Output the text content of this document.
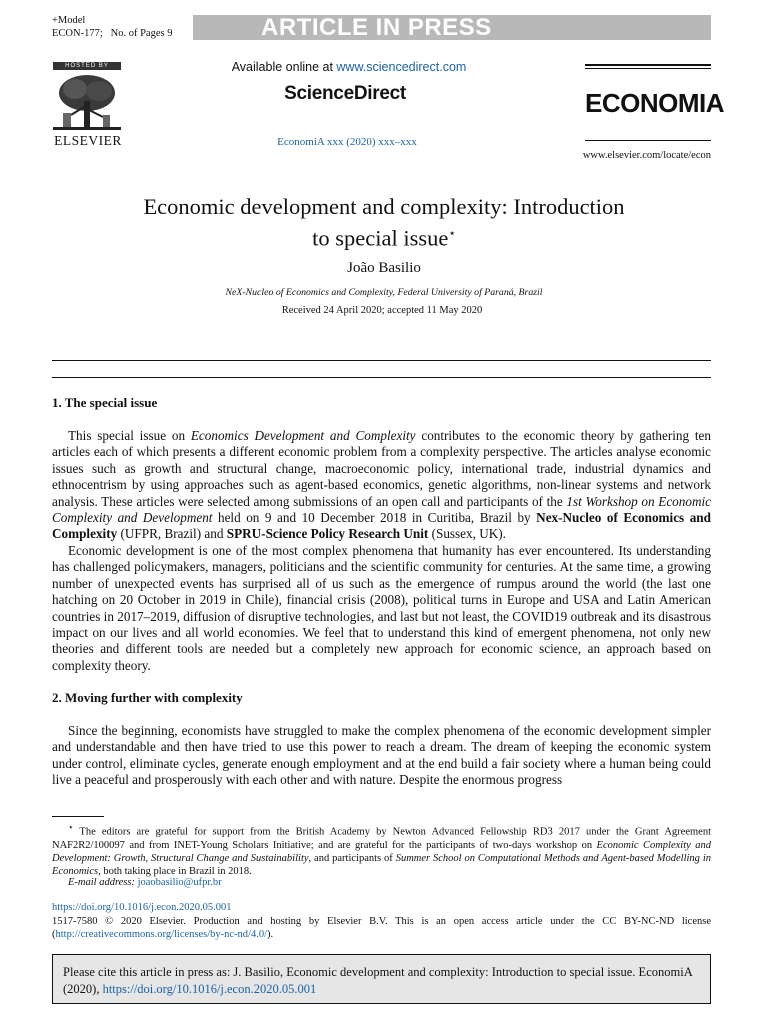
+Model
ECON-177; No. of Pages 9	ARTICLE IN PRESS
HOSTED BY
ELSEVIER
Available online at www.sciencedirect.com
ScienceDirect
EconomiA xxx (2020) xxx–xxx
ECONOMIA
www.elsevier.com/locate/econ
Economic development and complexity: Introduction
to special issue⋆
João Basilio
NeX-Nucleo of Economics and Complexity, Federal University of Paraná, Brazil
Received 24 April 2020; accepted 11 May 2020
1. The special issue

This special issue on Economics Development and Complexity contributes to the economic theory by gathering ten articles each of which presents a different economic problem from a complexity perspective. The articles analyse economic issues such as growth and structural change, macroeconomic policy, international trade, industrial dynamics and ethnocentrism by using approaches such as agent-based economics, genetic algorithms, non-linear systems and network analysis. These articles were selected among submissions of an open call and participants of the 1st Workshop on Economic Complexity and Development held on 9 and 10 December 2018 in Curitiba, Brazil by Nex-Nucleo of Economics and Complexity (UFPR, Brazil) and SPRU-Science Policy Research Unit (Sussex, UK).

Economic development is one of the most complex phenomena that humanity has ever encountered. Its understanding has challenged policymakers, managers, politicians and the scientific community for centuries. At the same time, a growing number of unexpected events has surprised all of us such as the emergence of rumpus around the world (the last one hatching on 20 October in 2019 in Chile), financial crisis (2008), political turns in Europe and USA and Latin American countries in 2017–2019, diffusion of disruptive technologies, and last but not least, the COVID19 outbreak and its disastrous impact on our lives and all world economies. We feel that to understand this kind of emergent phenomena, not only new theories and different tools are needed but a completely new approach for economic science, an approach based on complexity theory.

2. Moving further with complexity

Since the beginning, economists have struggled to make the complex phenomena of the economic development simpler and understandable and then have tried to use this power to reach a dream. The dream of keeping the economic system under control, eliminate cycles, generate enough employment and at the end build a fair society where a human being could live a peaceful and prosperously with each other and with nature. Despite the enormous progress

⋆ The editors are grateful for support from the British Academy by Newton Advanced Fellowship RD3 2017 under the Grant Agreement NAF2R2/100097 and from INET-Young Scholars Initiative; and are grateful for the participants of two-days workshop on Economic Complexity and Development: Growth, Structural Change and Sustainability, and participants of Summer School on Computational Methods and Agent-based Modelling in Economics, both taking place in Brazil in 2018.

E-mail address: joaobasilio@ufpr.br

https://doi.org/10.1016/j.econ.2020.05.001

1517-7580 © 2020 Elsevier. Production and hosting by Elsevier B.V. This is an open access article under the CC BY-NC-ND license (http://creativecommons.org/licenses/by-nc-nd/4.0/).

Please cite this article in press as: J. Basilio, Economic development and complexity: Introduction to special issue. EconomiA (2020), https://doi.org/10.1016/j.econ.2020.05.001
